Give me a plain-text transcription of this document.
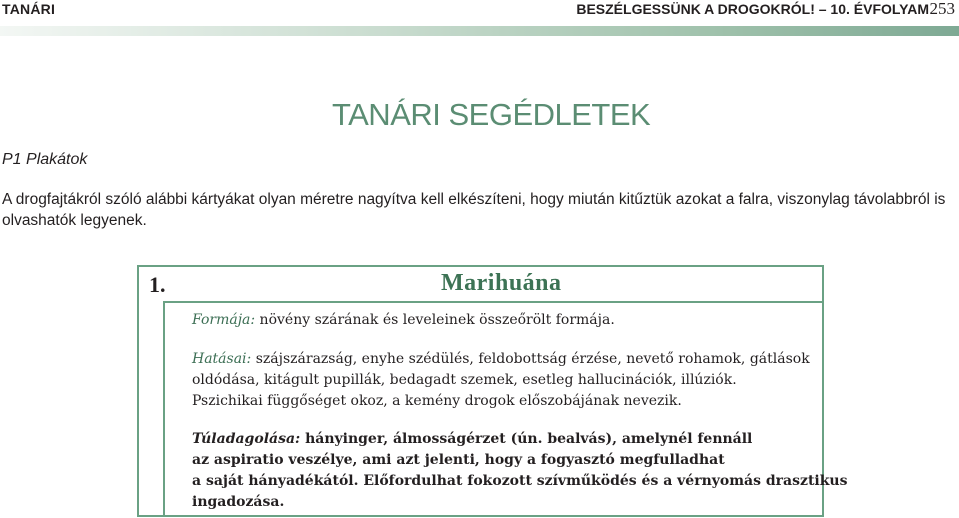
TANÁRI	BESZÉLGESSÜNK A DROGOKRÓL! – 10. ÉVFOLYAM 253
TANÁRI SEGÉDLETEK
P1 Plakátok
A drogfajtákról szóló alábbi kártyákat olyan méretre nagyítva kell elkészíteni, hogy miután kitűztük azokat a falra, viszonylag távolabbról is olvashatók legyenek.
1.	Marihuána

Formája: növény szárának és leveleinek összeőrölt formája.

Hatásai: szájszárazság, enyhe szédülés, feldobottság érzése, nevető rohamok, gátlások
oldódása, kitágult pupillák, bedagadt szemek, esetleg hallucinációk, illúziók.
Pszichikai függőséget okoz, a kemény drogok előszobájának nevezik.

Túladagolása: hányinger, álmosságérzet (ún. bealvás), amelynél fennáll
az aspiratio veszélye, ami azt jelenti, hogy a fogyasztó megfulladhat
a saját hányadékától. Előfordulhat fokozott szívműködés és a vérnyomás drasztikus
ingadozása.
